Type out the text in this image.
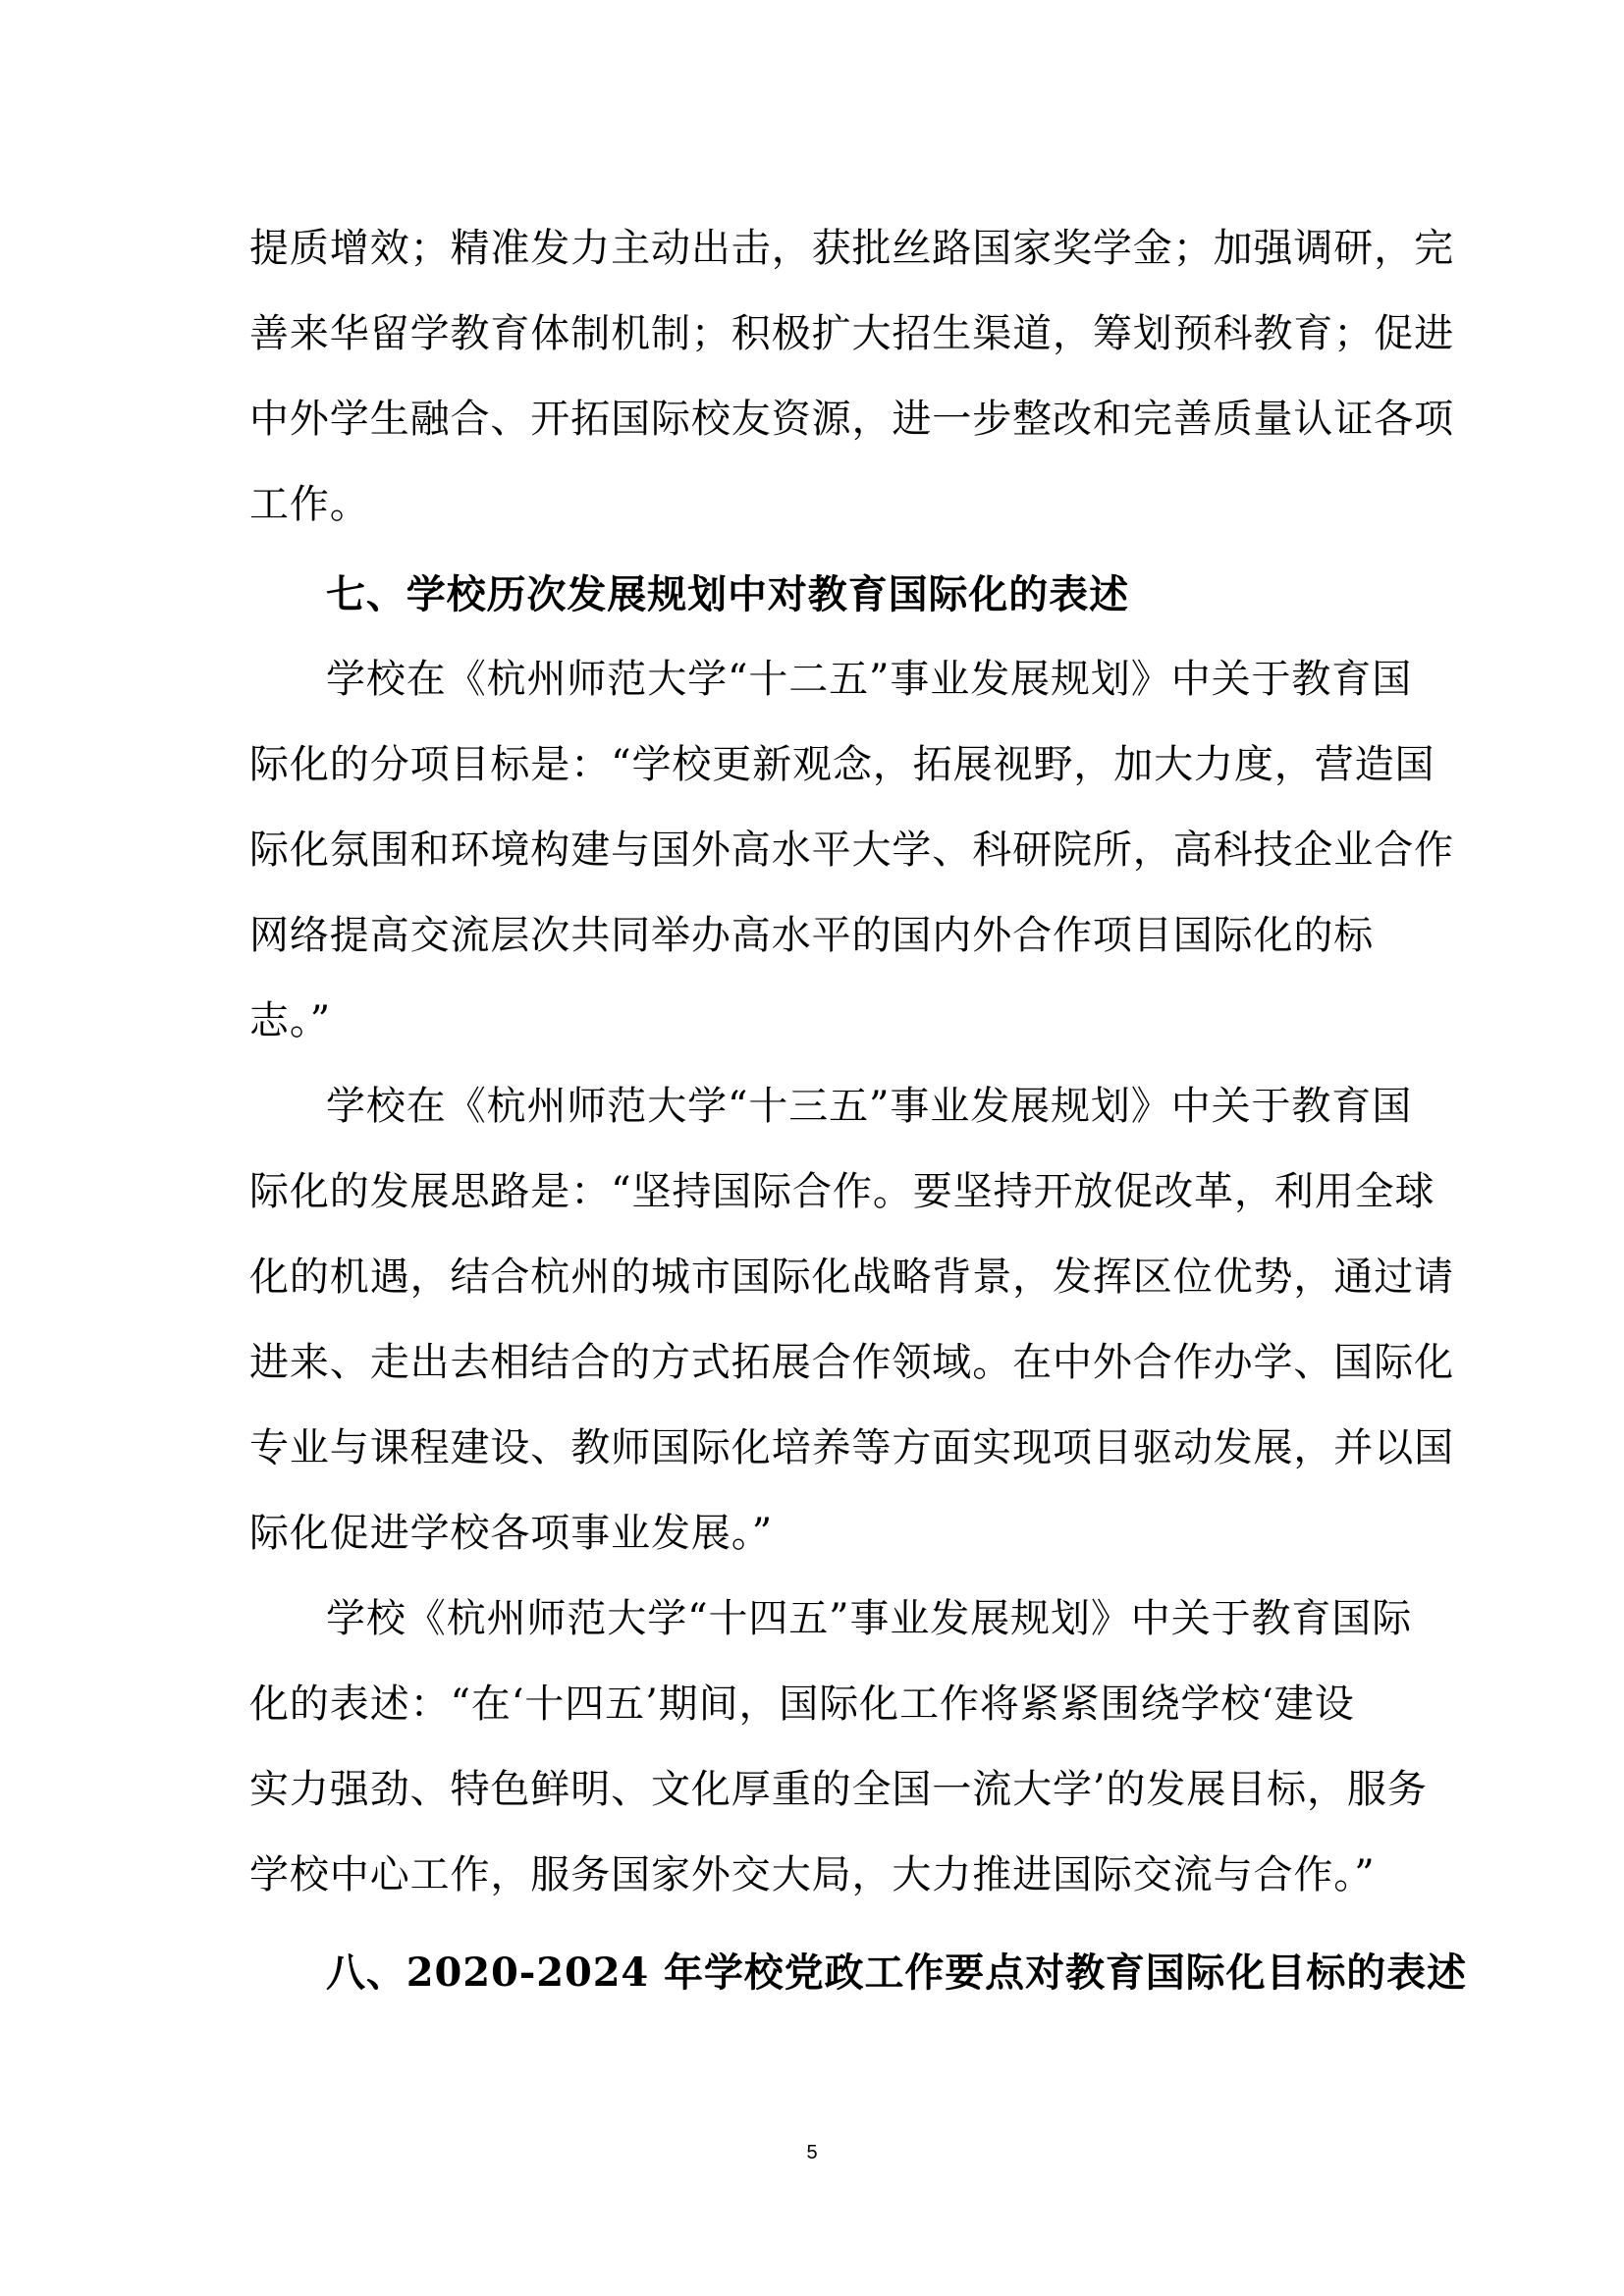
提质增效；精准发力主动出击，获批丝路国家奖学金；加强调研，完
善来华留学教育体制机制；积极扩大招生渠道，筹划预科教育；促进
中外学生融合、开拓国际校友资源，进一步整改和完善质量认证各项
工作。
七、学校历次发展规划中对教育国际化的表述
学校在《杭州师范大学“十二五”事业发展规划》中关于教育国
际化的分项目标是：“学校更新观念，拓展视野，加大力度，营造国
际化氛围和环境构建与国外高水平大学、科研院所，高科技企业合作
网络提高交流层次共同举办高水平的国内外合作项目国际化的标
志。”
学校在《杭州师范大学“十三五”事业发展规划》中关于教育国
际化的发展思路是：“坚持国际合作。要坚持开放促改革，利用全球
化的机遇，结合杭州的城市国际化战略背景，发挥区位优势，通过请
进来、走出去相结合的方式拓展合作领域。在中外合作办学、国际化
专业与课程建设、教师国际化培养等方面实现项目驱动发展，并以国
际化促进学校各项事业发展。”
学校《杭州师范大学“十四五”事业发展规划》中关于教育国际
化的表述：“在‘十四五’期间，国际化工作将紧紧围绕学校‘建设
实力强劲、特色鲜明、文化厚重的全国一流大学’的发展目标，服务
学校中心工作，服务国家外交大局，大力推进国际交流与合作。”
八、2020-2024 年学校党政工作要点对教育国际化目标的表述
5
